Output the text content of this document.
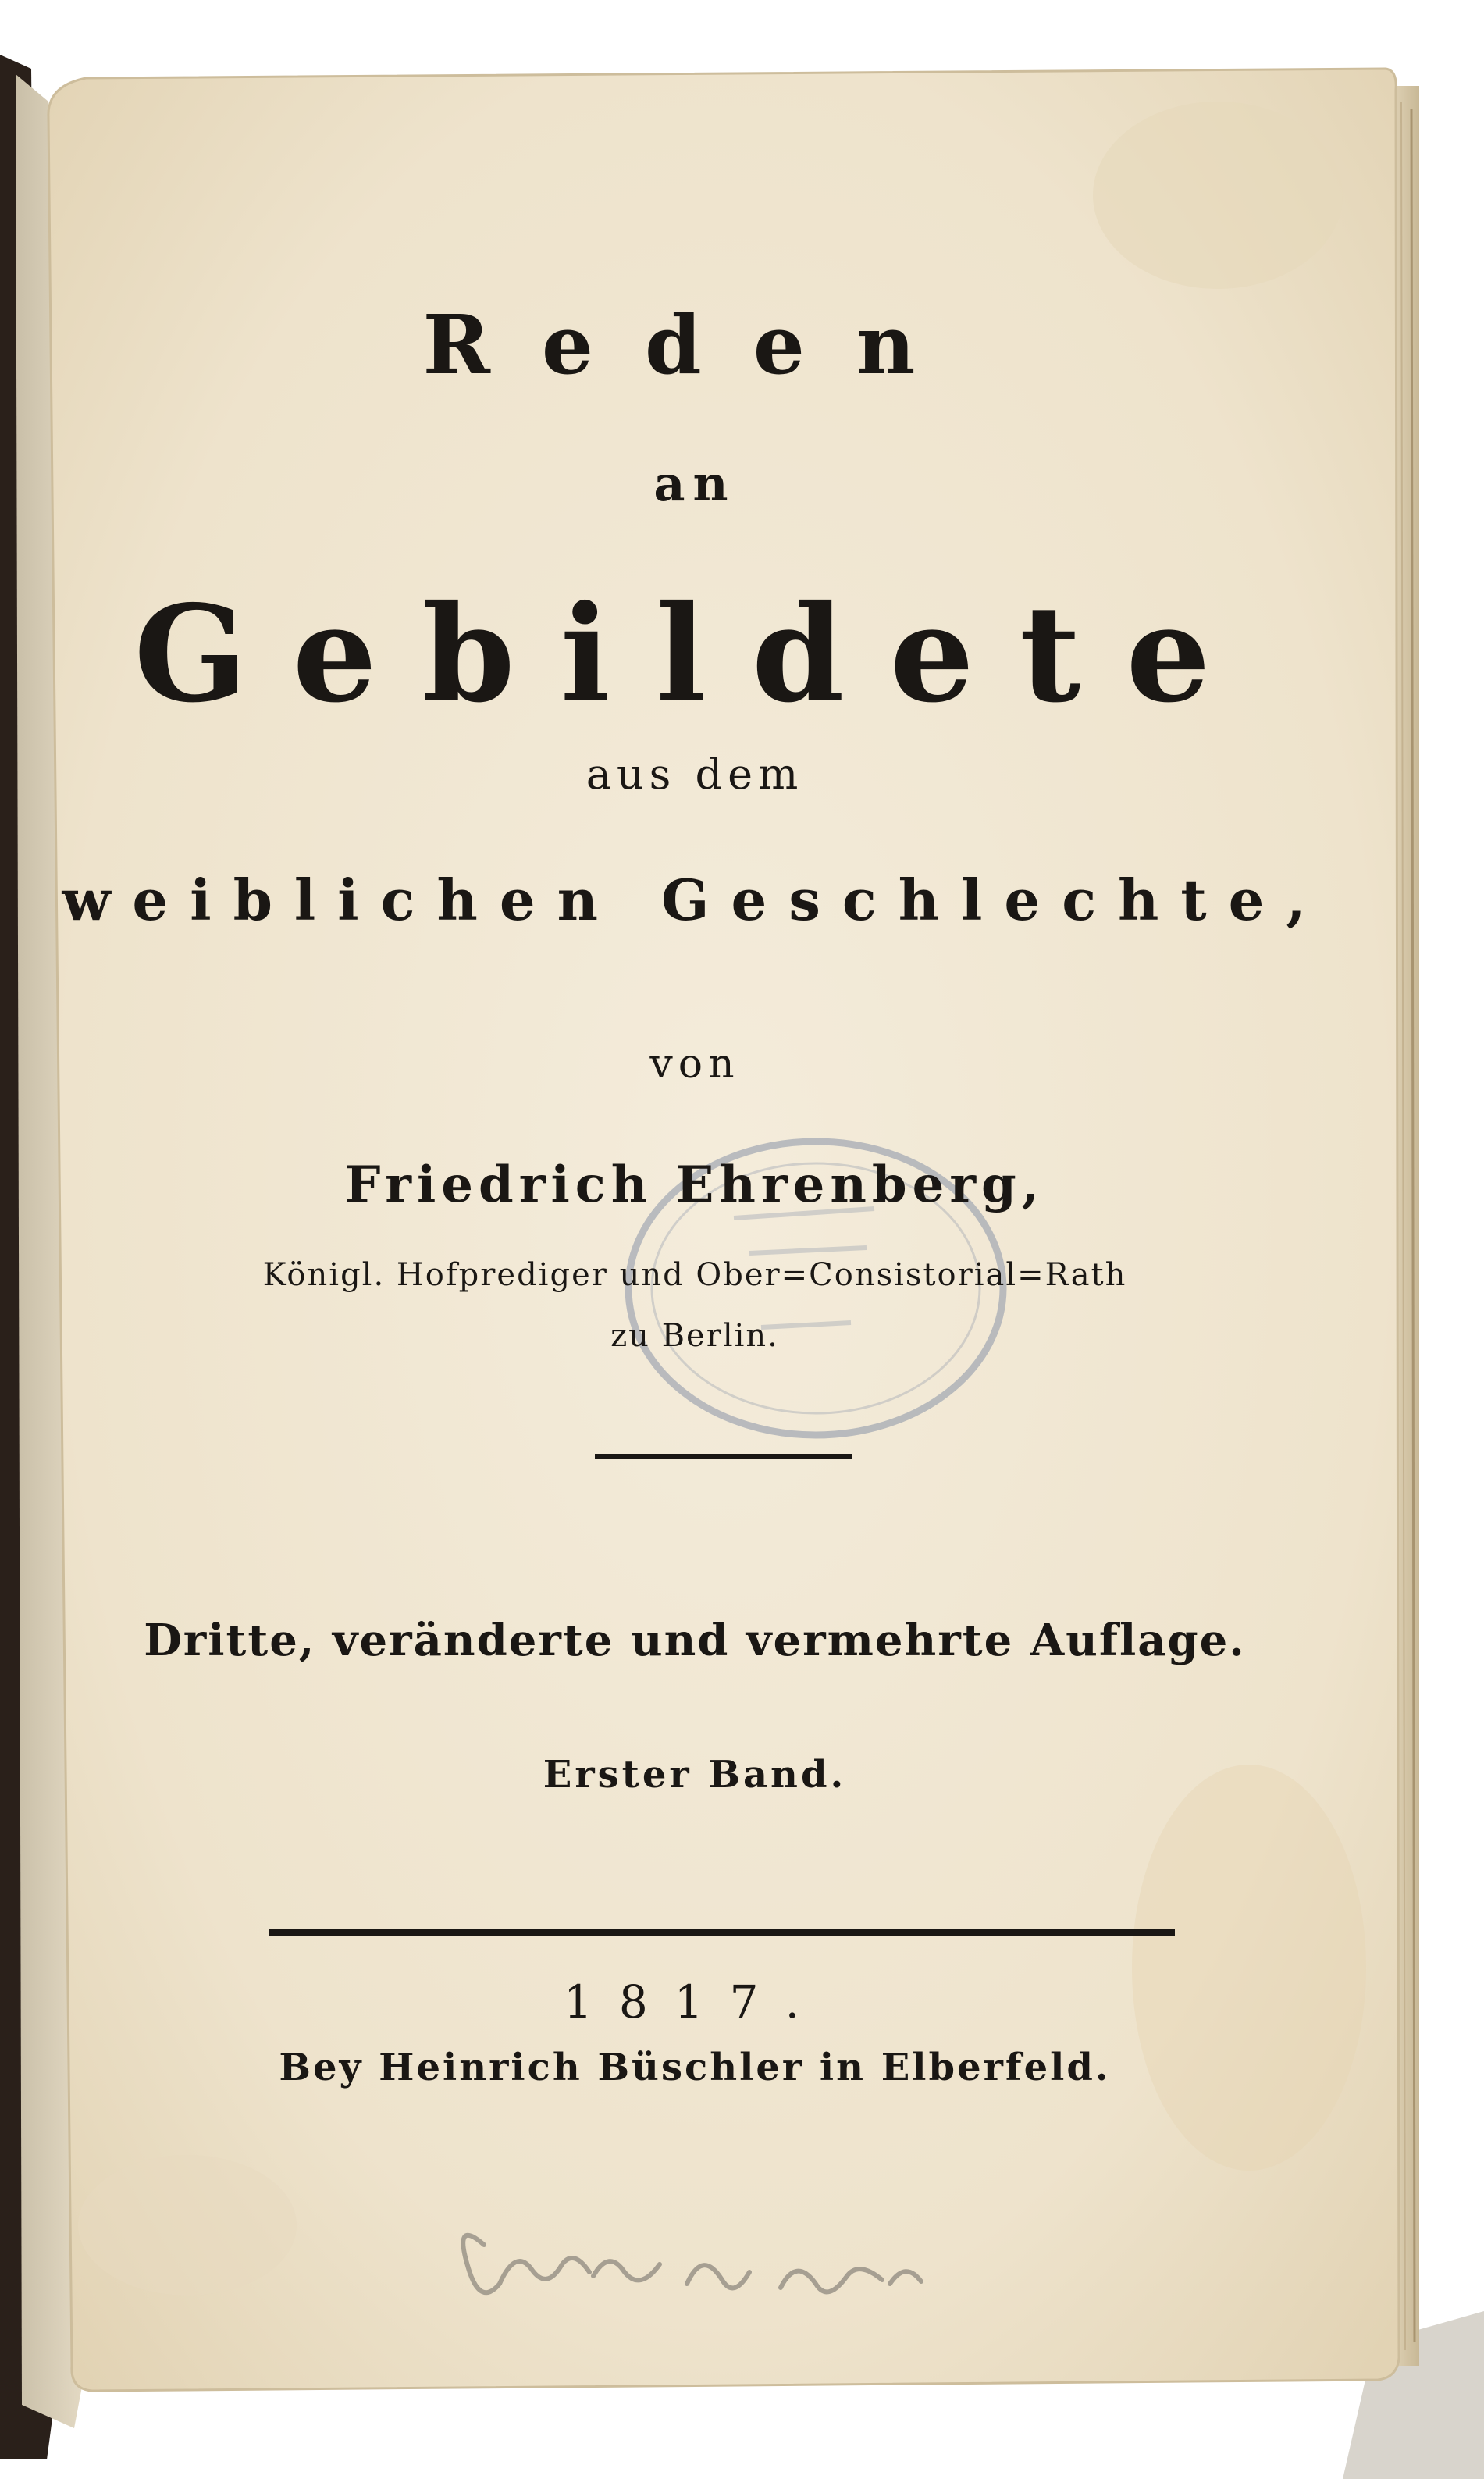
Reden
an
Gebildete
aus dem
weiblichen Geschlechte,
von
Friedrich Ehrenberg,
Königl. Hofprediger und Ober=Consistorial=Rath
zu Berlin.
Dritte, veränderte und vermehrte Auflage.
Erster Band.
1817.
Bey Heinrich Büschler in Elberfeld.
